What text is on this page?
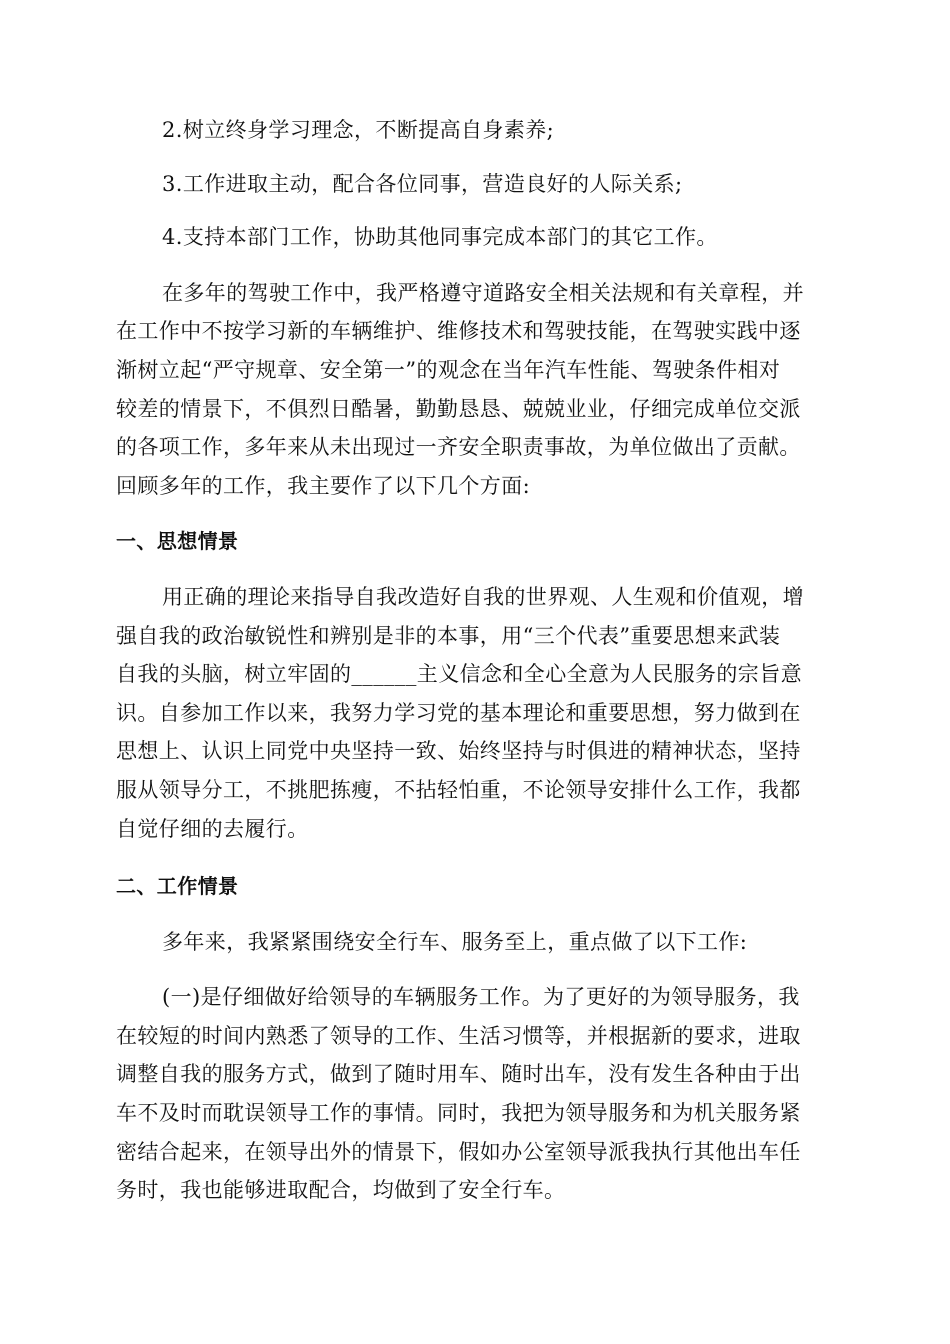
2.树立终身学习理念，不断提高自身素养;
3.工作进取主动，配合各位同事，营造良好的人际关系;
4.支持本部门工作，协助其他同事完成本部门的其它工作。
在多年的驾驶工作中，我严格遵守道路安全相关法规和有关章程，并
在工作中不按学习新的车辆维护、维修技术和驾驶技能，在驾驶实践中逐
渐树立起“严守规章、安全第一”的观念在当年汽车性能、驾驶条件相对
较差的情景下，不俱烈日酷暑，勤勤恳恳、兢兢业业，仔细完成单位交派
的各项工作，多年来从未出现过一齐安全职责事故，为单位做出了贡献。
回顾多年的工作，我主要作了以下几个方面:
一、思想情景
用正确的理论来指导自我改造好自我的世界观、人生观和价值观，增
强自我的政治敏锐性和辨别是非的本事，用“三个代表”重要思想来武装
自我的头脑，树立牢固的______主义信念和全心全意为人民服务的宗旨意
识。自参加工作以来，我努力学习党的基本理论和重要思想，努力做到在
思想上、认识上同党中央坚持一致、始终坚持与时俱进的精神状态，坚持
服从领导分工，不挑肥拣瘦，不拈轻怕重，不论领导安排什么工作，我都
自觉仔细的去履行。
二、工作情景
多年来，我紧紧围绕安全行车、服务至上，重点做了以下工作:
(一)是仔细做好给领导的车辆服务工作。为了更好的为领导服务，我
在较短的时间内熟悉了领导的工作、生活习惯等，并根据新的要求，进取
调整自我的服务方式，做到了随时用车、随时出车，没有发生各种由于出
车不及时而耽误领导工作的事情。同时，我把为领导服务和为机关服务紧
密结合起来，在领导出外的情景下，假如办公室领导派我执行其他出车任
务时，我也能够进取配合，均做到了安全行车。
